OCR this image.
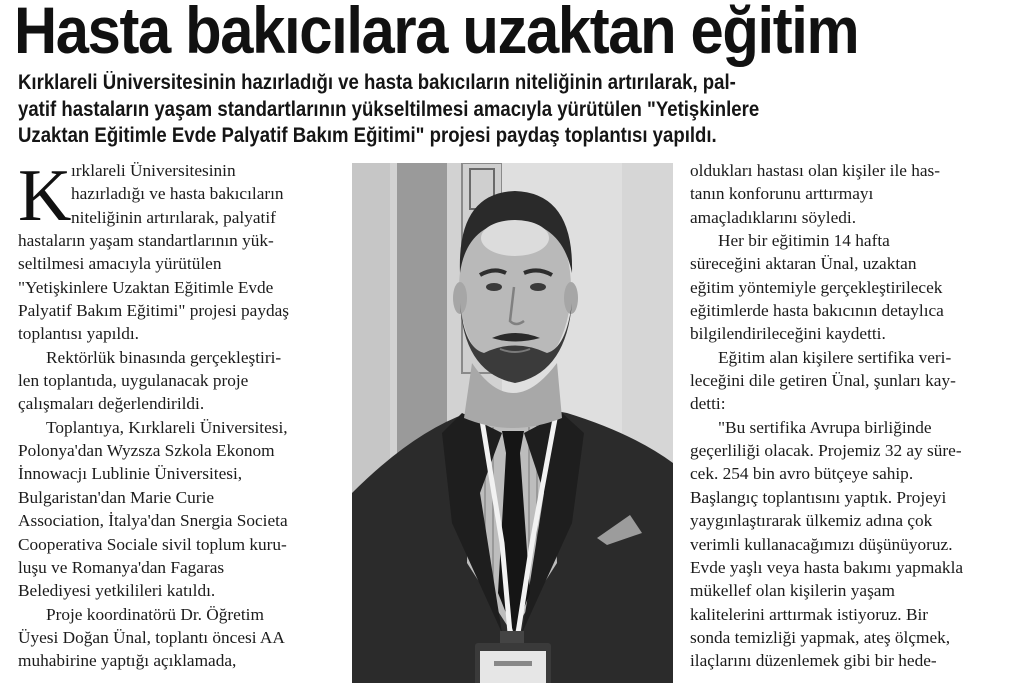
Hasta bakıcılara uzaktan eğitim
Kırklareli Üniversitesinin hazırladığı ve hasta bakıcıların niteliğinin artırılarak, pal-
yatif hastaların yaşam standartlarının yükseltilmesi amacıyla yürütülen "Yetişkinlere
Uzaktan Eğitimle Evde Palyatif Bakım Eğitimi" projesi paydaş toplantısı yapıldı.
K ırklareli Üniversitesinin
hazırladığı ve hasta bakıcıların
niteliğinin artırılarak, palyatif
hastaların yaşam standartlarının yük-
seltilmesi amacıyla yürütülen
"Yetişkinlere Uzaktan Eğitimle Evde
Palyatif Bakım Eğitimi" projesi paydaş
toplantısı yapıldı.
Rektörlük binasında gerçekleştiri-
len toplantıda, uygulanacak proje
çalışmaları değerlendirildi.
Toplantıya, Kırklareli Üniversitesi,
Polonya'dan Wyzsza Szkola Ekonom
İnnowacjı Lublinie Üniversitesi,
Bulgaristan'dan Marie Curie
Association, İtalya'dan Snergia Societa
Cooperativa Sociale sivil toplum kuru-
luşu ve Romanya'dan Fagaras
Belediyesi yetkilileri katıldı.
Proje koordinatörü Dr. Öğretim
Üyesi Doğan Ünal, toplantı öncesi AA
muhabirine yaptığı açıklamada,
oldukları hastası olan kişiler ile has-
tanın konforunu arttırmayı
amaçladıklarını söyledi.
Her bir eğitimin 14 hafta
süreceğini aktaran Ünal, uzaktan
eğitim yöntemiyle gerçekleştirilecek
eğitimlerde hasta bakıcının detaylıca
bilgilendirileceğini kaydetti.
Eğitim alan kişilere sertifika veri-
leceğini dile getiren Ünal, şunları kay-
detti:
"Bu sertifika Avrupa birliğinde
geçerliliği olacak. Projemiz 32 ay süre-
cek. 254 bin avro bütçeye sahip.
Başlangıç toplantısını yaptık. Projeyi
yaygınlaştırarak ülkemiz adına çok
verimli kullanacağımızı düşünüyoruz.
Evde yaşlı veya hasta bakımı yapmakla
mükellef olan kişilerin yaşam
kalitelerini arttırmak istiyoruz. Bir
sonda temizliği yapmak, ateş ölçmek,
ilaçlarını düzenlemek gibi bir hede-
